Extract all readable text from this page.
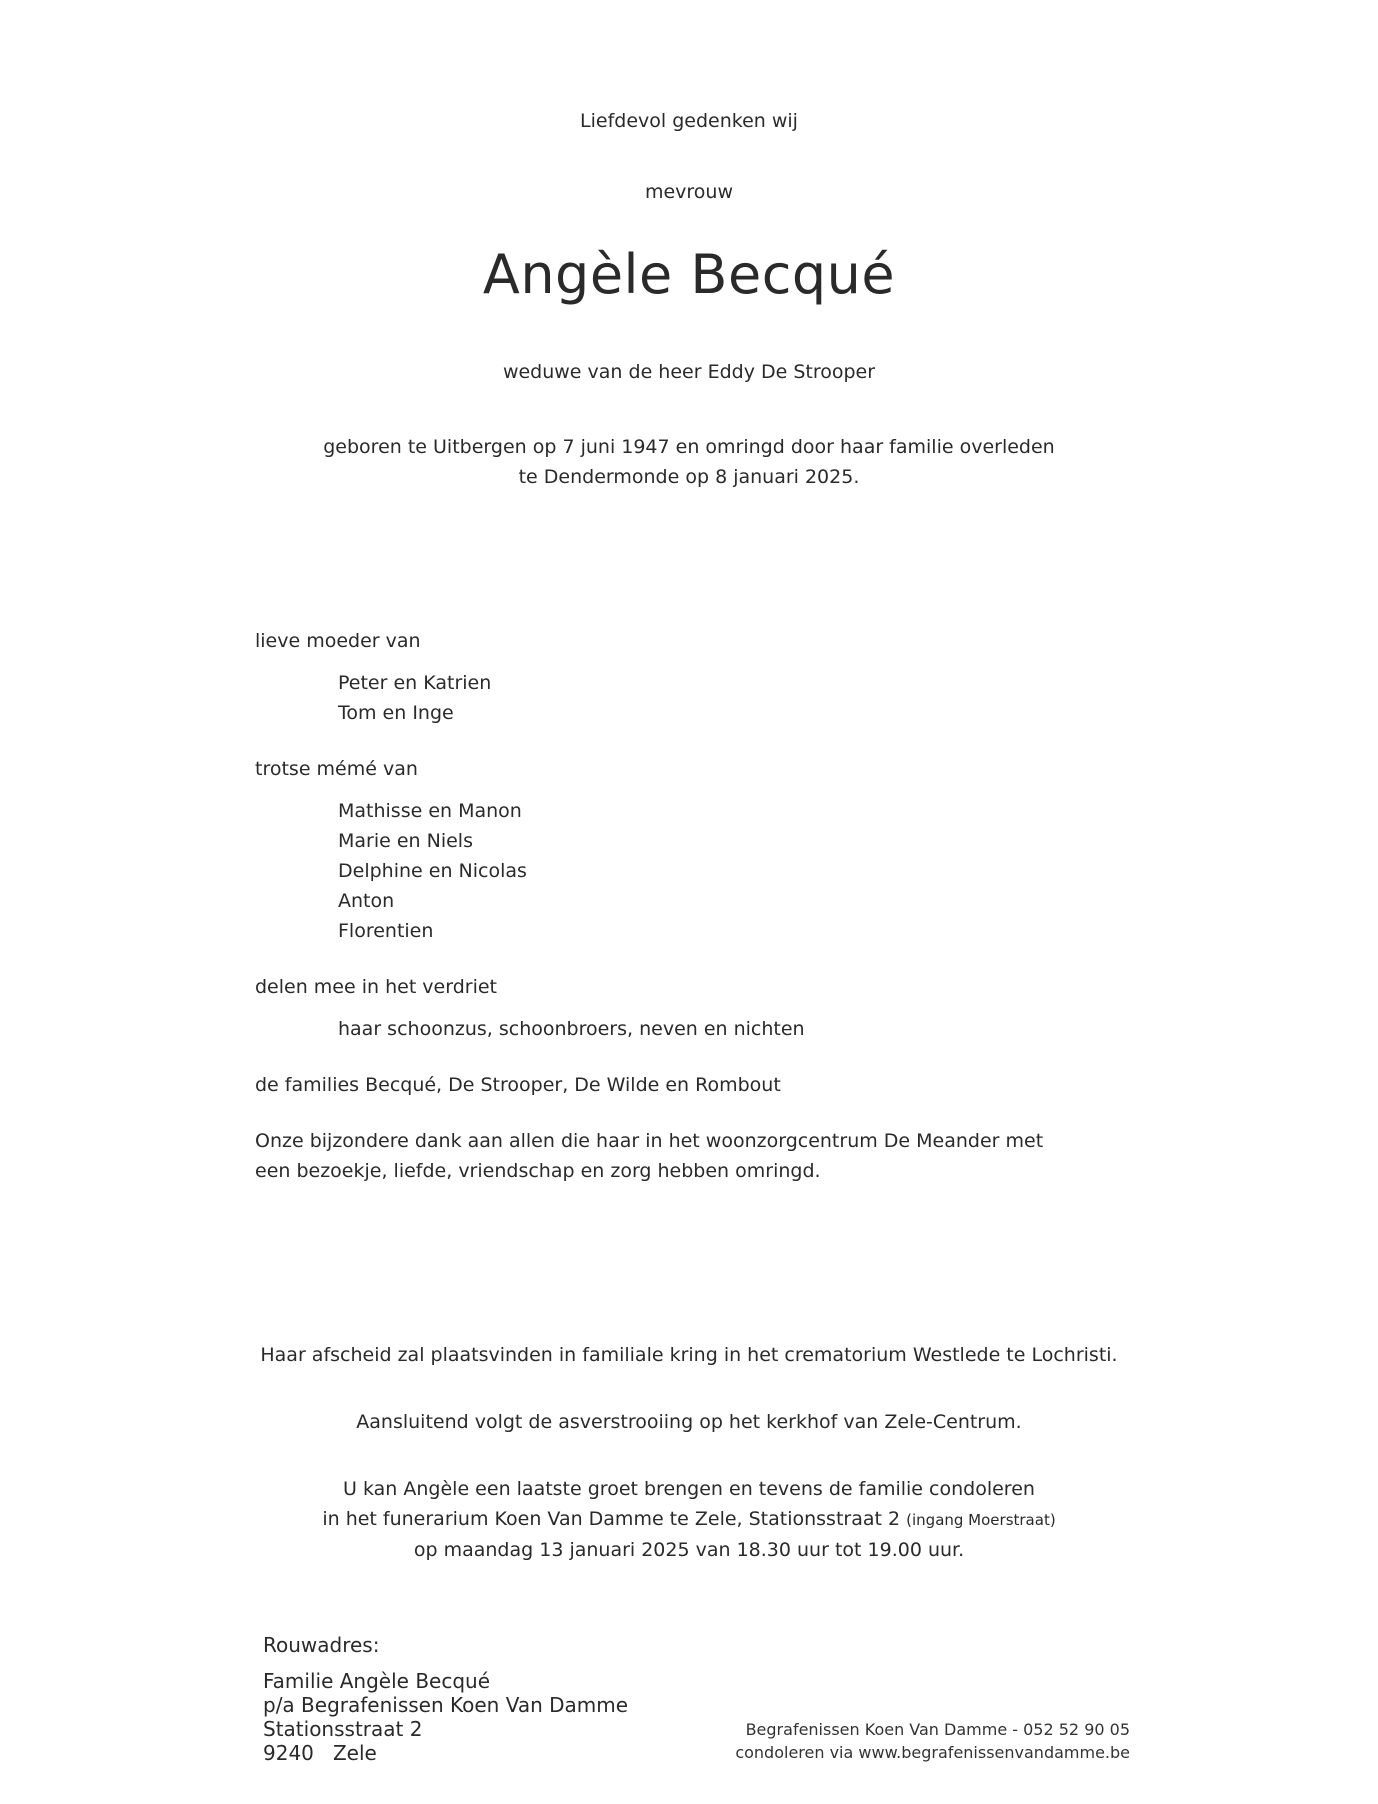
Liefdevol gedenken wij
mevrouw
Angèle Becqué
weduwe van de heer Eddy De Strooper
geboren te Uitbergen op 7 juni 1947 en omringd door haar familie overleden
te Dendermonde op 8 januari 2025.
lieve moeder van
Peter en Katrien
Tom en Inge
trotse mémé van
Mathisse en Manon
Marie en Niels
Delphine en Nicolas
Anton
Florentien
delen mee in het verdriet
haar schoonzus, schoonbroers, neven en nichten
de families Becqué, De Strooper, De Wilde en Rombout
Onze bijzondere dank aan allen die haar in het woonzorgcentrum De Meander met
een bezoekje, liefde, vriendschap en zorg hebben omringd.
Haar afscheid zal plaatsvinden in familiale kring in het crematorium Westlede te Lochristi.
Aansluitend volgt de asverstrooiing op het kerkhof van Zele-Centrum.
U kan Angèle een laatste groet brengen en tevens de familie condoleren
in het funerarium Koen Van Damme te Zele, Stationsstraat 2 (ingang Moerstraat)
op maandag 13 januari 2025 van 18.30 uur tot 19.00 uur.
Rouwadres:
Familie Angèle Becqué
p/a Begrafenissen Koen Van Damme
Stationsstraat 2
9240   Zele
Begrafenissen Koen Van Damme - 052 52 90 05
condoleren via www.begrafenissenvandamme.be
